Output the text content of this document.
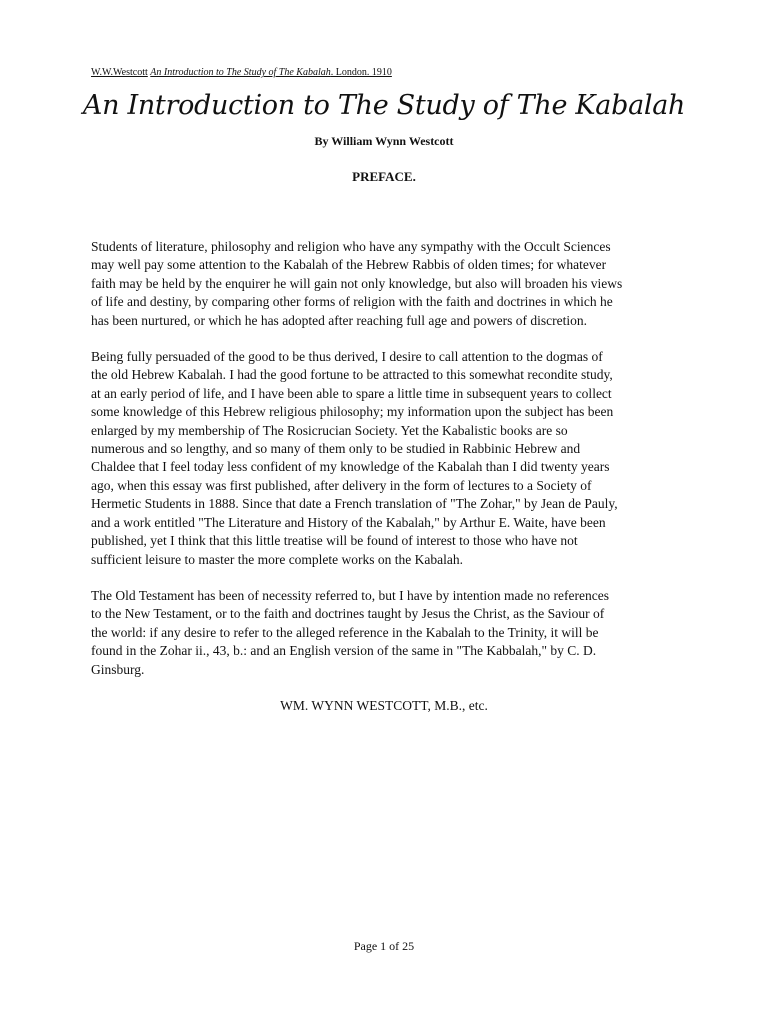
W.W.Westcott An Introduction to The Study of The Kabalah. London. 1910
An Introduction to The Study of The Kabalah
By William Wynn Westcott
PREFACE.

Students of literature, philosophy and religion who have any sympathy with the Occult Sciences
may well pay some attention to the Kabalah of the Hebrew Rabbis of olden times; for whatever
faith may be held by the enquirer he will gain not only knowledge, but also will broaden his views
of life and destiny, by comparing other forms of religion with the faith and doctrines in which he
has been nurtured, or which he has adopted after reaching full age and powers of discretion.

Being fully persuaded of the good to be thus derived, I desire to call attention to the dogmas of
the old Hebrew Kabalah. I had the good fortune to be attracted to this somewhat recondite study,
at an early period of life, and I have been able to spare a little time in subsequent years to collect
some knowledge of this Hebrew religious philosophy; my information upon the subject has been
enlarged by my membership of The Rosicrucian Society. Yet the Kabalistic books are so
numerous and so lengthy, and so many of them only to be studied in Rabbinic Hebrew and
Chaldee that I feel today less confident of my knowledge of the Kabalah than I did twenty years
ago, when this essay was first published, after delivery in the form of lectures to a Society of
Hermetic Students in 1888. Since that date a French translation of "The Zohar," by Jean de Pauly,
and a work entitled "The Literature and History of the Kabalah," by Arthur E. Waite, have been
published, yet I think that this little treatise will be found of interest to those who have not
sufficient leisure to master the more complete works on the Kabalah.

The Old Testament has been of necessity referred to, but I have by intention made no references
to the New Testament, or to the faith and doctrines taught by Jesus the Christ, as the Saviour of
the world: if any desire to refer to the alleged reference in the Kabalah to the Trinity, it will be
found in the Zohar ii., 43, b.: and an English version of the same in "The Kabbalah," by C. D.
Ginsburg.

WM. WYNN WESTCOTT, M.B., etc.
Page 1 of 25
